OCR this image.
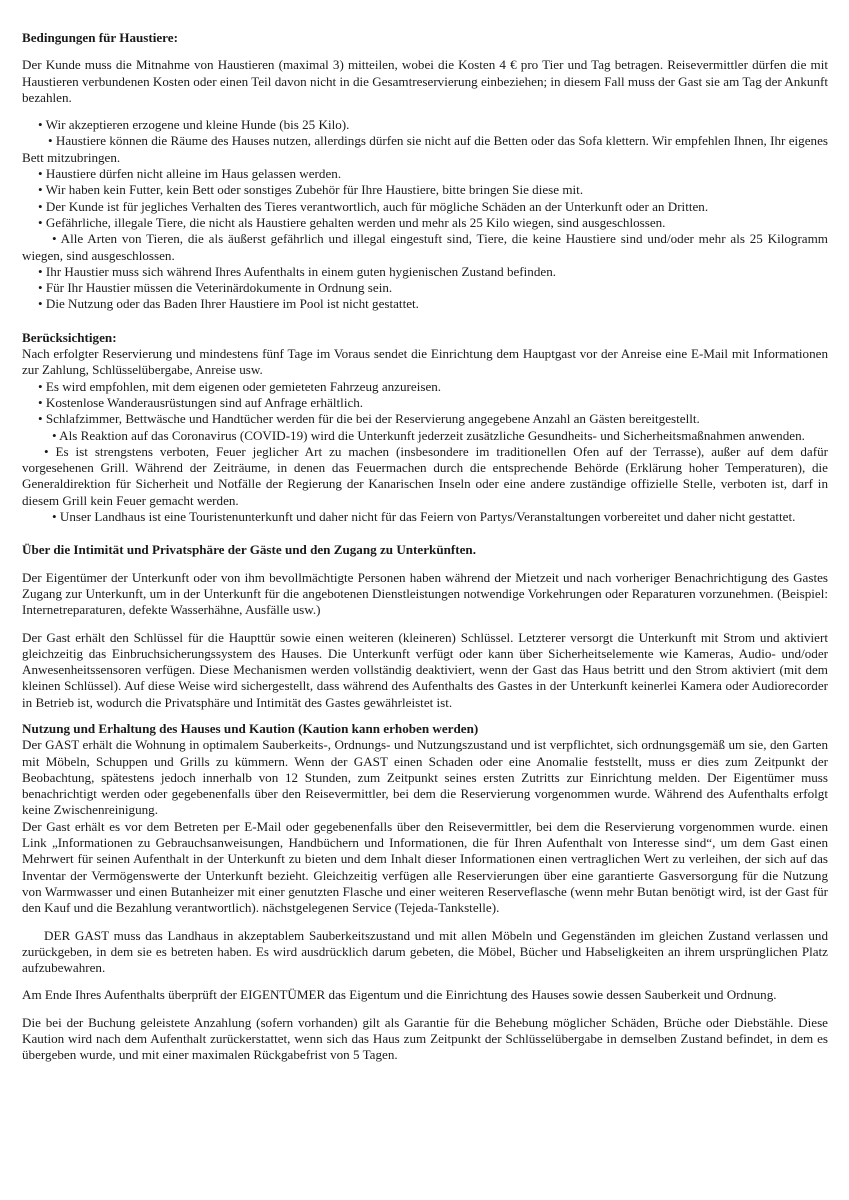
Bedingungen für Haustiere:

Der Kunde muss die Mitnahme von Haustieren (maximal 3) mitteilen, wobei die Kosten 4 € pro Tier und Tag betragen. Reisevermittler dürfen die mit Haustieren verbundenen Kosten oder einen Teil davon nicht in die Gesamtreservierung einbeziehen; in diesem Fall muss der Gast sie am Tag der Ankunft bezahlen.

• Wir akzeptieren erzogene und kleine Hunde (bis 25 Kilo).

• Haustiere können die Räume des Hauses nutzen, allerdings dürfen sie nicht auf die Betten oder das Sofa klettern. Wir empfehlen Ihnen, Ihr eigenes Bett mitzubringen.

• Haustiere dürfen nicht alleine im Haus gelassen werden.

• Wir haben kein Futter, kein Bett oder sonstiges Zubehör für Ihre Haustiere, bitte bringen Sie diese mit.

• Der Kunde ist für jegliches Verhalten des Tieres verantwortlich, auch für mögliche Schäden an der Unterkunft oder an Dritten.

• Gefährliche, illegale Tiere, die nicht als Haustiere gehalten werden und mehr als 25 Kilo wiegen, sind ausgeschlossen.

• Alle Arten von Tieren, die als äußerst gefährlich und illegal eingestuft sind, Tiere, die keine Haustiere sind und/oder mehr als 25 Kilogramm wiegen, sind ausgeschlossen.

• Ihr Haustier muss sich während Ihres Aufenthalts in einem guten hygienischen Zustand befinden.

• Für Ihr Haustier müssen die Veterinärdokumente in Ordnung sein.

• Die Nutzung oder das Baden Ihrer Haustiere im Pool ist nicht gestattet.

Berücksichtigen:

Nach erfolgter Reservierung und mindestens fünf Tage im Voraus sendet die Einrichtung dem Hauptgast vor der Anreise eine E-Mail mit Informationen zur Zahlung, Schlüsselübergabe, Anreise usw.

• Es wird empfohlen, mit dem eigenen oder gemieteten Fahrzeug anzureisen.

• Kostenlose Wanderausrüstungen sind auf Anfrage erhältlich.

• Schlafzimmer, Bettwäsche und Handtücher werden für die bei der Reservierung angegebene Anzahl an Gästen bereitgestellt.

• Als Reaktion auf das Coronavirus (COVID-19) wird die Unterkunft jederzeit zusätzliche Gesundheits- und Sicherheitsmaßnahmen anwenden.

• Es ist strengstens verboten, Feuer jeglicher Art zu machen (insbesondere im traditionellen Ofen auf der Terrasse), außer auf dem dafür vorgesehenen Grill. Während der Zeiträume, in denen das Feuermachen durch die entsprechende Behörde (Erklärung hoher Temperaturen), die Generaldirektion für Sicherheit und Notfälle der Regierung der Kanarischen Inseln oder eine andere zuständige offizielle Stelle, verboten ist, darf in diesem Grill kein Feuer gemacht werden.

• Unser Landhaus ist eine Touristenunterkunft und daher nicht für das Feiern von Partys/Veranstaltungen vorbereitet und daher nicht gestattet.

Über die Intimität und Privatsphäre der Gäste und den Zugang zu Unterkünften.

Der Eigentümer der Unterkunft oder von ihm bevollmächtigte Personen haben während der Mietzeit und nach vorheriger Benachrichtigung des Gastes Zugang zur Unterkunft, um in der Unterkunft für die angebotenen Dienstleistungen notwendige Vorkehrungen oder Reparaturen vorzunehmen. (Beispiel: Internetreparaturen, defekte Wasserhähne, Ausfälle usw.)

Der Gast erhält den Schlüssel für die Haupttür sowie einen weiteren (kleineren) Schlüssel. Letzterer versorgt die Unterkunft mit Strom und aktiviert gleichzeitig das Einbruchsicherungssystem des Hauses. Die Unterkunft verfügt oder kann über Sicherheitselemente wie Kameras, Audio- und/oder Anwesenheitssensoren verfügen. Diese Mechanismen werden vollständig deaktiviert, wenn der Gast das Haus betritt und den Strom aktiviert (mit dem kleinen Schlüssel). Auf diese Weise wird sichergestellt, dass während des Aufenthalts des Gastes in der Unterkunft keinerlei Kamera oder Audiorecorder in Betrieb ist, wodurch die Privatsphäre und Intimität des Gastes gewährleistet ist.

Nutzung und Erhaltung des Hauses und Kaution (Kaution kann erhoben werden)

Der GAST erhält die Wohnung in optimalem Sauberkeits-, Ordnungs- und Nutzungszustand und ist verpflichtet, sich ordnungsgemäß um sie, den Garten mit Möbeln, Schuppen und Grills zu kümmern. Wenn der GAST einen Schaden oder eine Anomalie feststellt, muss er dies zum Zeitpunkt der Beobachtung, spätestens jedoch innerhalb von 12 Stunden, zum Zeitpunkt seines ersten Zutritts zur Einrichtung melden. Der Eigentümer muss benachrichtigt werden oder gegebenenfalls über den Reisevermittler, bei dem die Reservierung vorgenommen wurde. Während des Aufenthalts erfolgt keine Zwischenreinigung.

Der Gast erhält es vor dem Betreten per E-Mail oder gegebenenfalls über den Reisevermittler, bei dem die Reservierung vorgenommen wurde. einen Link „Informationen zu Gebrauchsanweisungen, Handbüchern und Informationen, die für Ihren Aufenthalt von Interesse sind“, um dem Gast einen Mehrwert für seinen Aufenthalt in der Unterkunft zu bieten und dem Inhalt dieser Informationen einen vertraglichen Wert zu verleihen, der sich auf das Inventar der Vermögenswerte der Unterkunft bezieht. Gleichzeitig verfügen alle Reservierungen über eine garantierte Gasversorgung für die Nutzung von Warmwasser und einen Butanheizer mit einer genutzten Flasche und einer weiteren Reserveflasche (wenn mehr Butan benötigt wird, ist der Gast für den Kauf und die Bezahlung verantwortlich). nächstgelegenen Service (Tejeda-Tankstelle).

DER GAST muss das Landhaus in akzeptablem Sauberkeitszustand und mit allen Möbeln und Gegenständen im gleichen Zustand verlassen und zurückgeben, in dem sie es betreten haben. Es wird ausdrücklich darum gebeten, die Möbel, Bücher und Habseligkeiten an ihrem ursprünglichen Platz aufzubewahren.

Am Ende Ihres Aufenthalts überprüft der EIGENTÜMER das Eigentum und die Einrichtung des Hauses sowie dessen Sauberkeit und Ordnung.

Die bei der Buchung geleistete Anzahlung (sofern vorhanden) gilt als Garantie für die Behebung möglicher Schäden, Brüche oder Diebstähle. Diese Kaution wird nach dem Aufenthalt zurückerstattet, wenn sich das Haus zum Zeitpunkt der Schlüsselübergabe in demselben Zustand befindet, in dem es übergeben wurde, und mit einer maximalen Rückgabefrist von 5 Tagen.
